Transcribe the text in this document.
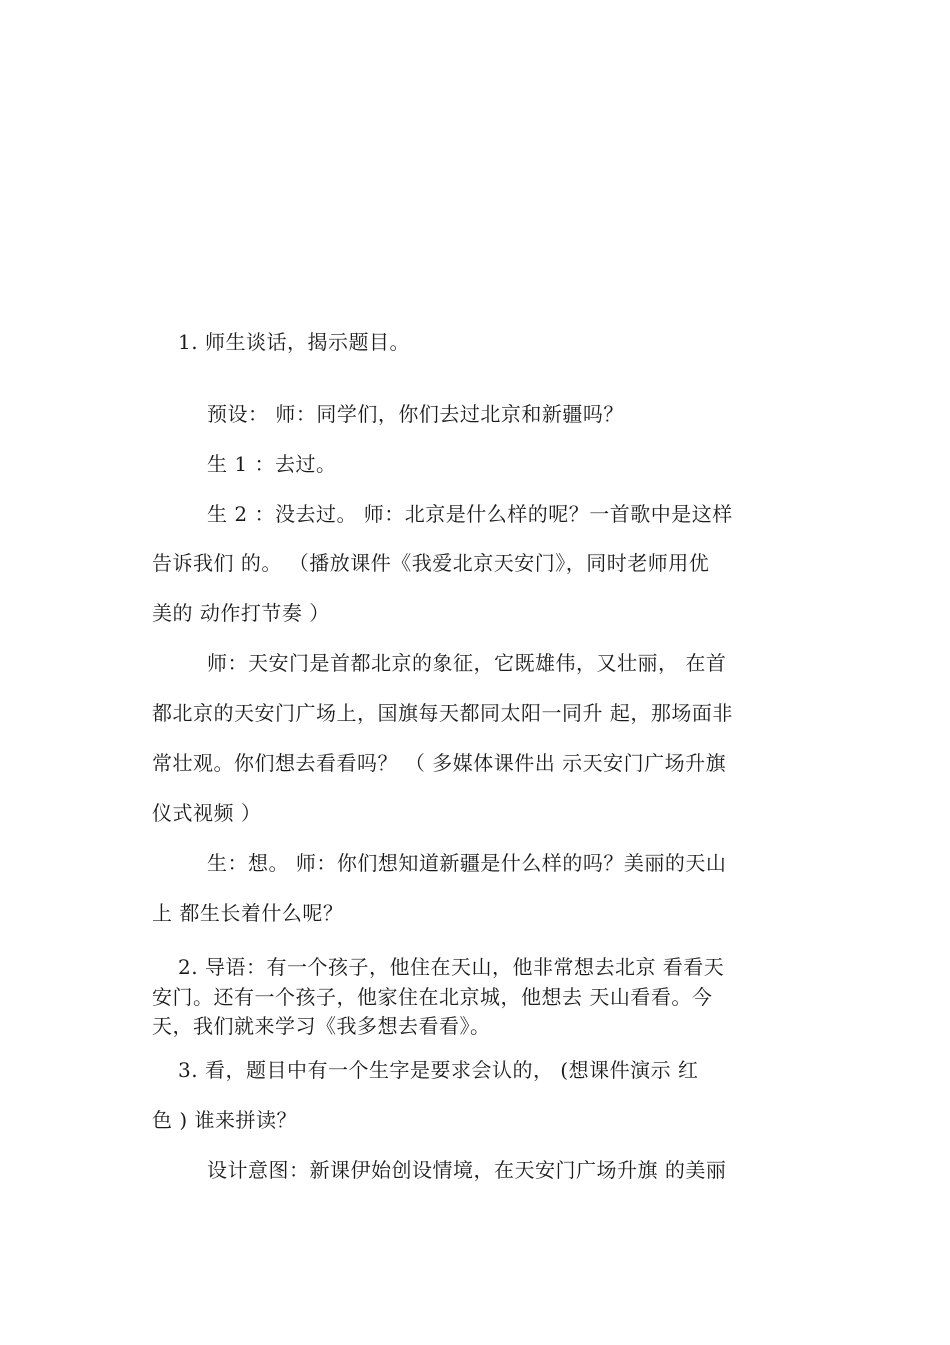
1. 师生谈话，揭示题目。
预设： 师：同学们，你们去过北京和新疆吗？
生 1 ：去过。
生 2 ：没去过。 师：北京是什么样的呢？一首歌中是这样
告诉我们 的。 （播放课件《我爱北京天安门》，同时老师用优
美的 动作打节奏 ）
师：天安门是首都北京的象征，它既雄伟，又壮丽， 在首
都北京的天安门广场上，国旗每天都同太阳一同升 起，那场面非
常壮观。你们想去看看吗？ （ 多媒体课件出 示天安门广场升旗
仪式视频 ）
生：想。 师：你们想知道新疆是什么样的吗？美丽的天山
上 都生长着什么呢？
2. 导语：有一个孩子，他住在天山，他非常想去北京 看看天
安门。还有一个孩子，他家住在北京城，他想去 天山看看。今
天，我们就来学习《我多想去看看》。
3. 看，题目中有一个生字是要求会认的， (想课件演示 红
色 ) 谁来拼读？
设计意图：新课伊始创设情境，在天安门广场升旗 的美丽
